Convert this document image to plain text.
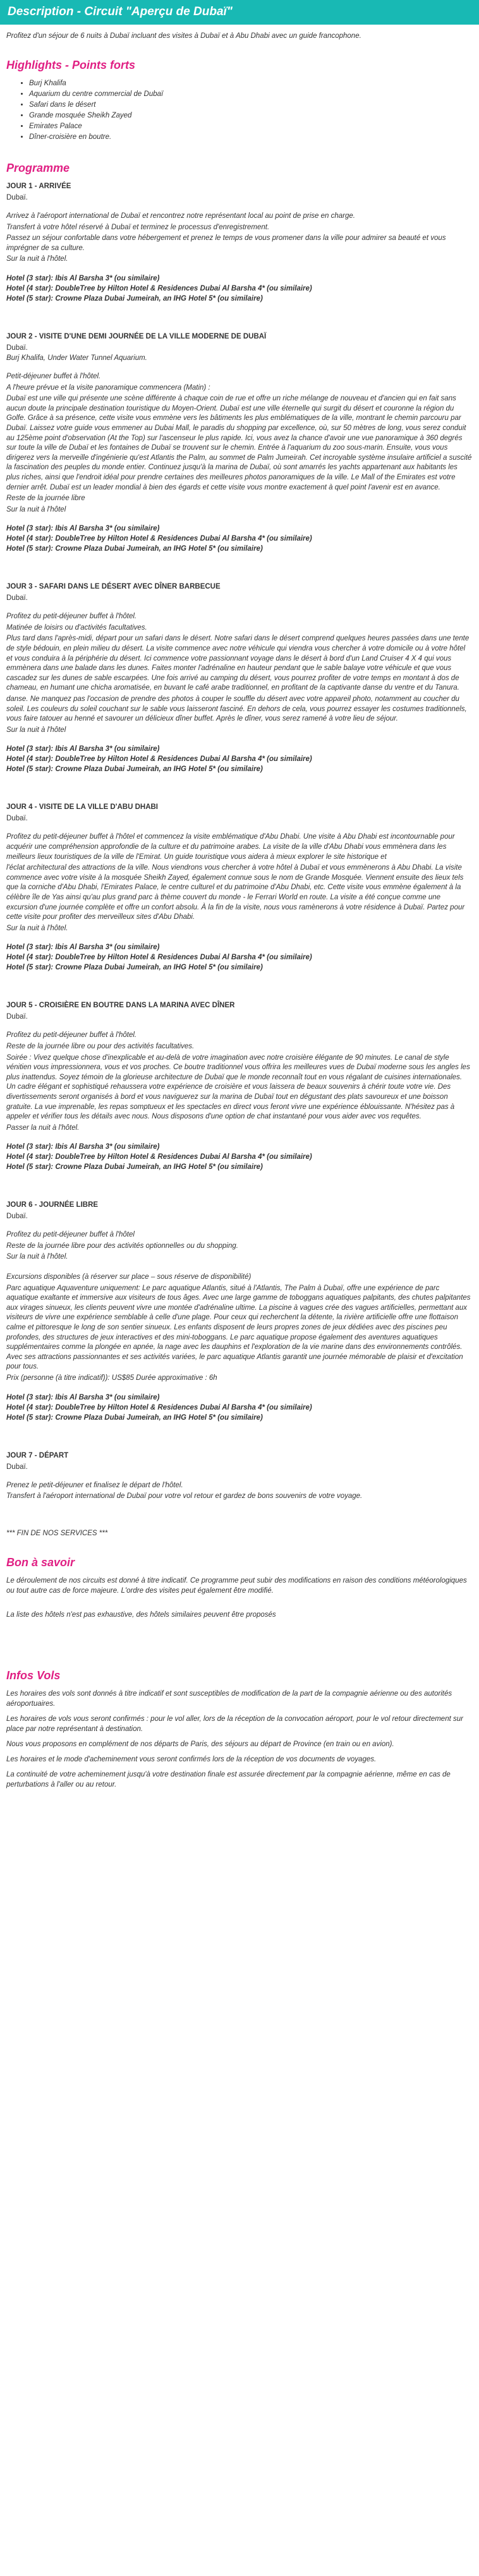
Description - Circuit "Aperçu de Dubaï"

Profitez d'un séjour de 6 nuits à Dubaï incluant des visites à Dubaï et à Abu Dhabi avec un guide francophone.

Highlights - Points forts
• Burj Khalifa
• Aquarium du centre commercial de Dubaï
• Safari dans le désert
• Grande mosquée Sheikh Zayed
• Emirates Palace
• Dîner-croisière en boutre.
Programme
JOUR 1 - ARRIVÉE
Dubaï.
Arrivez à l'aéroport international de Dubaï et rencontrez notre représentant local au point de prise en charge.
Transfert à votre hôtel réservé à Dubaï et terminez le processus d'enregistrement.
Passez un séjour confortable dans votre hébergement et prenez le temps de vous promener dans la ville pour admirer sa beauté et vous imprégner de sa culture.
Sur la nuit à l'hôtel.
Hotel (3 star): Ibis Al Barsha 3* (ou similaire)
Hotel (4 star): DoubleTree by Hilton Hotel & Residences Dubai Al Barsha 4* (ou similaire)
Hotel (5 star): Crowne Plaza Dubai Jumeirah, an IHG Hotel 5* (ou similaire)
JOUR 2 - VISITE D'UNE DEMI JOURNÉE DE LA VILLE MODERNE DE DUBAÏ
Dubaï.
Burj Khalifa, Under Water Tunnel Aquarium.
Petit-déjeuner buffet à l'hôtel.
A l'heure prévue et la visite panoramique commencera (Matin) :
Dubaï est une ville qui présente une scène différente à chaque coin de rue et offre un riche mélange de nouveau et d'ancien qui en fait sans aucun doute la principale destination touristique du Moyen-Orient. Dubaï est une ville éternelle qui surgit du désert et couronne la région du Golfe. Grâce à sa présence, cette visite vous emmène vers les bâtiments les plus emblématiques de la ville, montrant le chemin parcouru par Dubaï. Laissez votre guide vous emmener au Dubai Mall, le paradis du shopping par excellence, où, sur 50 mètres de long, vous serez conduit au 125ème point d'observation (At the Top) sur l'ascenseur le plus rapide. Ici, vous avez la chance d'avoir une vue panoramique à 360 degrés sur toute la ville de Dubaï et les fontaines de Dubaï se trouvent sur le chemin. Entrée à l'aquarium du zoo sous-marin. Ensuite, vous vous dirigerez vers la merveille d'ingénierie qu'est Atlantis the Palm, au sommet de Palm Jumeirah. Cet incroyable système insulaire artificiel a suscité la fascination des peuples du monde entier. Continuez jusqu'à la marina de Dubaï, où sont amarrés les yachts appartenant aux habitants les plus riches, ainsi que l'endroit idéal pour prendre certaines des meilleures photos panoramiques de la ville. Le Mall of the Emirates est votre dernier arrêt. Dubaï est un leader mondial à bien des égards et cette visite vous montre exactement à quel point l'avenir est en avance.
Reste de la journée libre
Sur la nuit à l'hôtel
Hotel (3 star): Ibis Al Barsha 3* (ou similaire)
Hotel (4 star): DoubleTree by Hilton Hotel & Residences Dubai Al Barsha 4* (ou similaire)
Hotel (5 star): Crowne Plaza Dubai Jumeirah, an IHG Hotel 5* (ou similaire)
JOUR 3 - SAFARI DANS LE DÉSERT AVEC DÎNER BARBECUE
Dubaï.
Profitez du petit-déjeuner buffet à l'hôtel.
Matinée de loisirs ou d'activités facultatives.
Plus tard dans l'après-midi, départ pour un safari dans le désert. Notre safari dans le désert comprend quelques heures passées dans une tente de style bédouin, en plein milieu du désert. La visite commence avec notre véhicule qui viendra vous chercher à votre domicile ou à votre hôtel et vous conduira à la périphérie du désert. Ici commence votre passionnant voyage dans le désert à bord d'un Land Cruiser 4 X 4 qui vous emmènera dans une balade dans les dunes. Faites monter l'adrénaline en hauteur pendant que le sable balaye votre véhicule et que vous cascadez sur les dunes de sable escarpées. Une fois arrivé au camping du désert, vous pourrez profiter de votre temps en montant à dos de chameau, en humant une chicha aromatisée, en buvant le café arabe traditionnel, en profitant de la captivante danse du ventre et du Tanura.
danse. Ne manquez pas l'occasion de prendre des photos à couper le souffle du désert avec votre appareil photo, notamment au coucher du soleil. Les couleurs du soleil couchant sur le sable vous laisseront fasciné. En dehors de cela, vous pourrez essayer les costumes traditionnels, vous faire tatouer au henné et savourer un délicieux dîner buffet. Après le dîner, vous serez ramené à votre lieu de séjour.
Sur la nuit à l'hôtel
Hotel (3 star): Ibis Al Barsha 3* (ou similaire)
Hotel (4 star): DoubleTree by Hilton Hotel & Residences Dubai Al Barsha 4* (ou similaire)
Hotel (5 star): Crowne Plaza Dubai Jumeirah, an IHG Hotel 5* (ou similaire)
JOUR 4 - VISITE DE LA VILLE D'ABU DHABI
Dubaï.
Profitez du petit-déjeuner buffet à l'hôtel et commencez la visite emblématique d'Abu Dhabi. Une visite à Abu Dhabi est incontournable pour acquérir une compréhension approfondie de la culture et du patrimoine arabes. La visite de la ville d'Abu Dhabi vous emmènera dans les meilleurs lieux touristiques de la ville de l'Emirat. Un guide touristique vous aidera à mieux explorer le site historique et
l'éclat architectural des attractions de la ville. Nous viendrons vous chercher à votre hôtel à Dubaï et vous emmènerons à Abu Dhabi. La visite commence avec votre visite à la mosquée Sheikh Zayed, également connue sous le nom de Grande Mosquée. Viennent ensuite des lieux tels que la corniche d'Abu Dhabi, l'Emirates Palace, le centre culturel et du patrimoine d'Abu Dhabi, etc. Cette visite vous emmène également à la célèbre île de Yas ainsi qu'au plus grand parc à thème couvert du monde - le Ferrari World en route. La visite a été conçue comme une excursion d'une journée complète et offre un confort absolu. À la fin de la visite, nous vous ramènerons à votre résidence à Dubaï. Partez pour cette visite pour profiter des merveilleux sites d'Abu Dhabi.
Sur la nuit à l'hôtel.
Hotel (3 star): Ibis Al Barsha 3* (ou similaire)
Hotel (4 star): DoubleTree by Hilton Hotel & Residences Dubai Al Barsha 4* (ou similaire)
Hotel (5 star): Crowne Plaza Dubai Jumeirah, an IHG Hotel 5* (ou similaire)
JOUR 5 - CROISIÈRE EN BOUTRE DANS LA MARINA AVEC DÎNER
Dubaï.
Profitez du petit-déjeuner buffet à l'hôtel.
Reste de la journée libre ou pour des activités facultatives.
Soirée : Vivez quelque chose d'inexplicable et au-delà de votre imagination avec notre croisière élégante de 90 minutes. Le canal de style vénitien vous impressionnera, vous et vos proches. Ce boutre traditionnel vous offrira les meilleures vues de Dubaï moderne sous les angles les plus inattendus. Soyez témoin de la glorieuse architecture de Dubaï que le monde reconnaît tout en vous régalant de cuisines internationales. Un cadre élégant et sophistiqué rehaussera votre expérience de croisière et vous laissera de beaux souvenirs à chérir toute votre vie. Des divertissements seront organisés à bord et vous naviguerez sur la marina de Dubaï tout en dégustant des plats savoureux et une boisson gratuite. La vue imprenable, les repas somptueux et les spectacles en direct vous feront vivre une expérience éblouissante. N'hésitez pas à appeler et vérifier tous les détails avec nous. Nous disposons d'une option de chat instantané pour vous aider avec vos requêtes.
Passer la nuit à l'hôtel.
Hotel (3 star): Ibis Al Barsha 3* (ou similaire)
Hotel (4 star): DoubleTree by Hilton Hotel & Residences Dubai Al Barsha 4* (ou similaire)
Hotel (5 star): Crowne Plaza Dubai Jumeirah, an IHG Hotel 5* (ou similaire)
JOUR 6 - JOURNÉE LIBRE
Dubaï.
Profitez du petit-déjeuner buffet à l'hôtel
Reste de la journée libre pour des activités optionnelles ou du shopping.
Sur la nuit à l'hôtel.
Excursions disponibles (à réserver sur place – sous réserve de disponibilité)
Parc aquatique Aquaventure uniquement: Le parc aquatique Atlantis, situé à l'Atlantis, The Palm à Dubaï, offre une expérience de parc aquatique exaltante et immersive aux visiteurs de tous âges. Avec une large gamme de toboggans aquatiques palpitants, des chutes palpitantes aux virages sinueux, les clients peuvent vivre une montée d'adrénaline ultime. La piscine à vagues crée des vagues artificielles, permettant aux visiteurs de vivre une expérience semblable à celle d'une plage. Pour ceux qui recherchent la détente, la rivière artificielle offre une flottaison calme et pittoresque le long de son sentier sinueux. Les enfants disposent de leurs propres zones de jeux dédiées avec des piscines peu profondes, des structures de jeux interactives et des mini-toboggans. Le parc aquatique propose également des aventures aquatiques supplémentaires comme la plongée en apnée, la nage avec les dauphins et l'exploration de la vie marine dans des environnements contrôlés. Avec ses attractions passionnantes et ses activités variées, le parc aquatique Atlantis garantit une journée mémorable de plaisir et d'excitation pour tous.
Prix (personne (à titre indicatif)): US$85 Durée approximative : 6h
Hotel (3 star): Ibis Al Barsha 3* (ou similaire)
Hotel (4 star): DoubleTree by Hilton Hotel & Residences Dubai Al Barsha 4* (ou similaire)
Hotel (5 star): Crowne Plaza Dubai Jumeirah, an IHG Hotel 5* (ou similaire)
JOUR 7 - DÉPART
Dubaï.
Prenez le petit-déjeuner et finalisez le départ de l'hôtel.
Transfert à l'aéroport international de Dubaï pour votre vol retour et gardez de bons souvenirs de votre voyage.

*** FIN DE NOS SERVICES ***

Bon à savoir

Le déroulement de nos circuits est donné à titre indicatif. Ce programme peut subir des modifications en raison des conditions météorologiques ou tout autre cas de force majeure. L'ordre des visites peut également être modifié.

La liste des hôtels n'est pas exhaustive, des hôtels similaires peuvent être proposés

Infos Vols

Les horaires des vols sont donnés à titre indicatif et sont susceptibles de modification de la part de la compagnie aérienne ou des autorités aéroportuaires.

Les horaires de vols vous seront confirmés : pour le vol aller, lors de la réception de la convocation aéroport, pour le vol retour directement sur place par notre représentant à destination.

Nous vous proposons en complément de nos départs de Paris, des séjours au départ de Province (en train ou en avion).

Les horaires et le mode d'acheminement vous seront confirmés lors de la réception de vos documents de voyages.

La continuité de votre acheminement jusqu'à votre destination finale est assurée directement par la compagnie aérienne, même en cas de perturbations à l'aller ou au retour.
